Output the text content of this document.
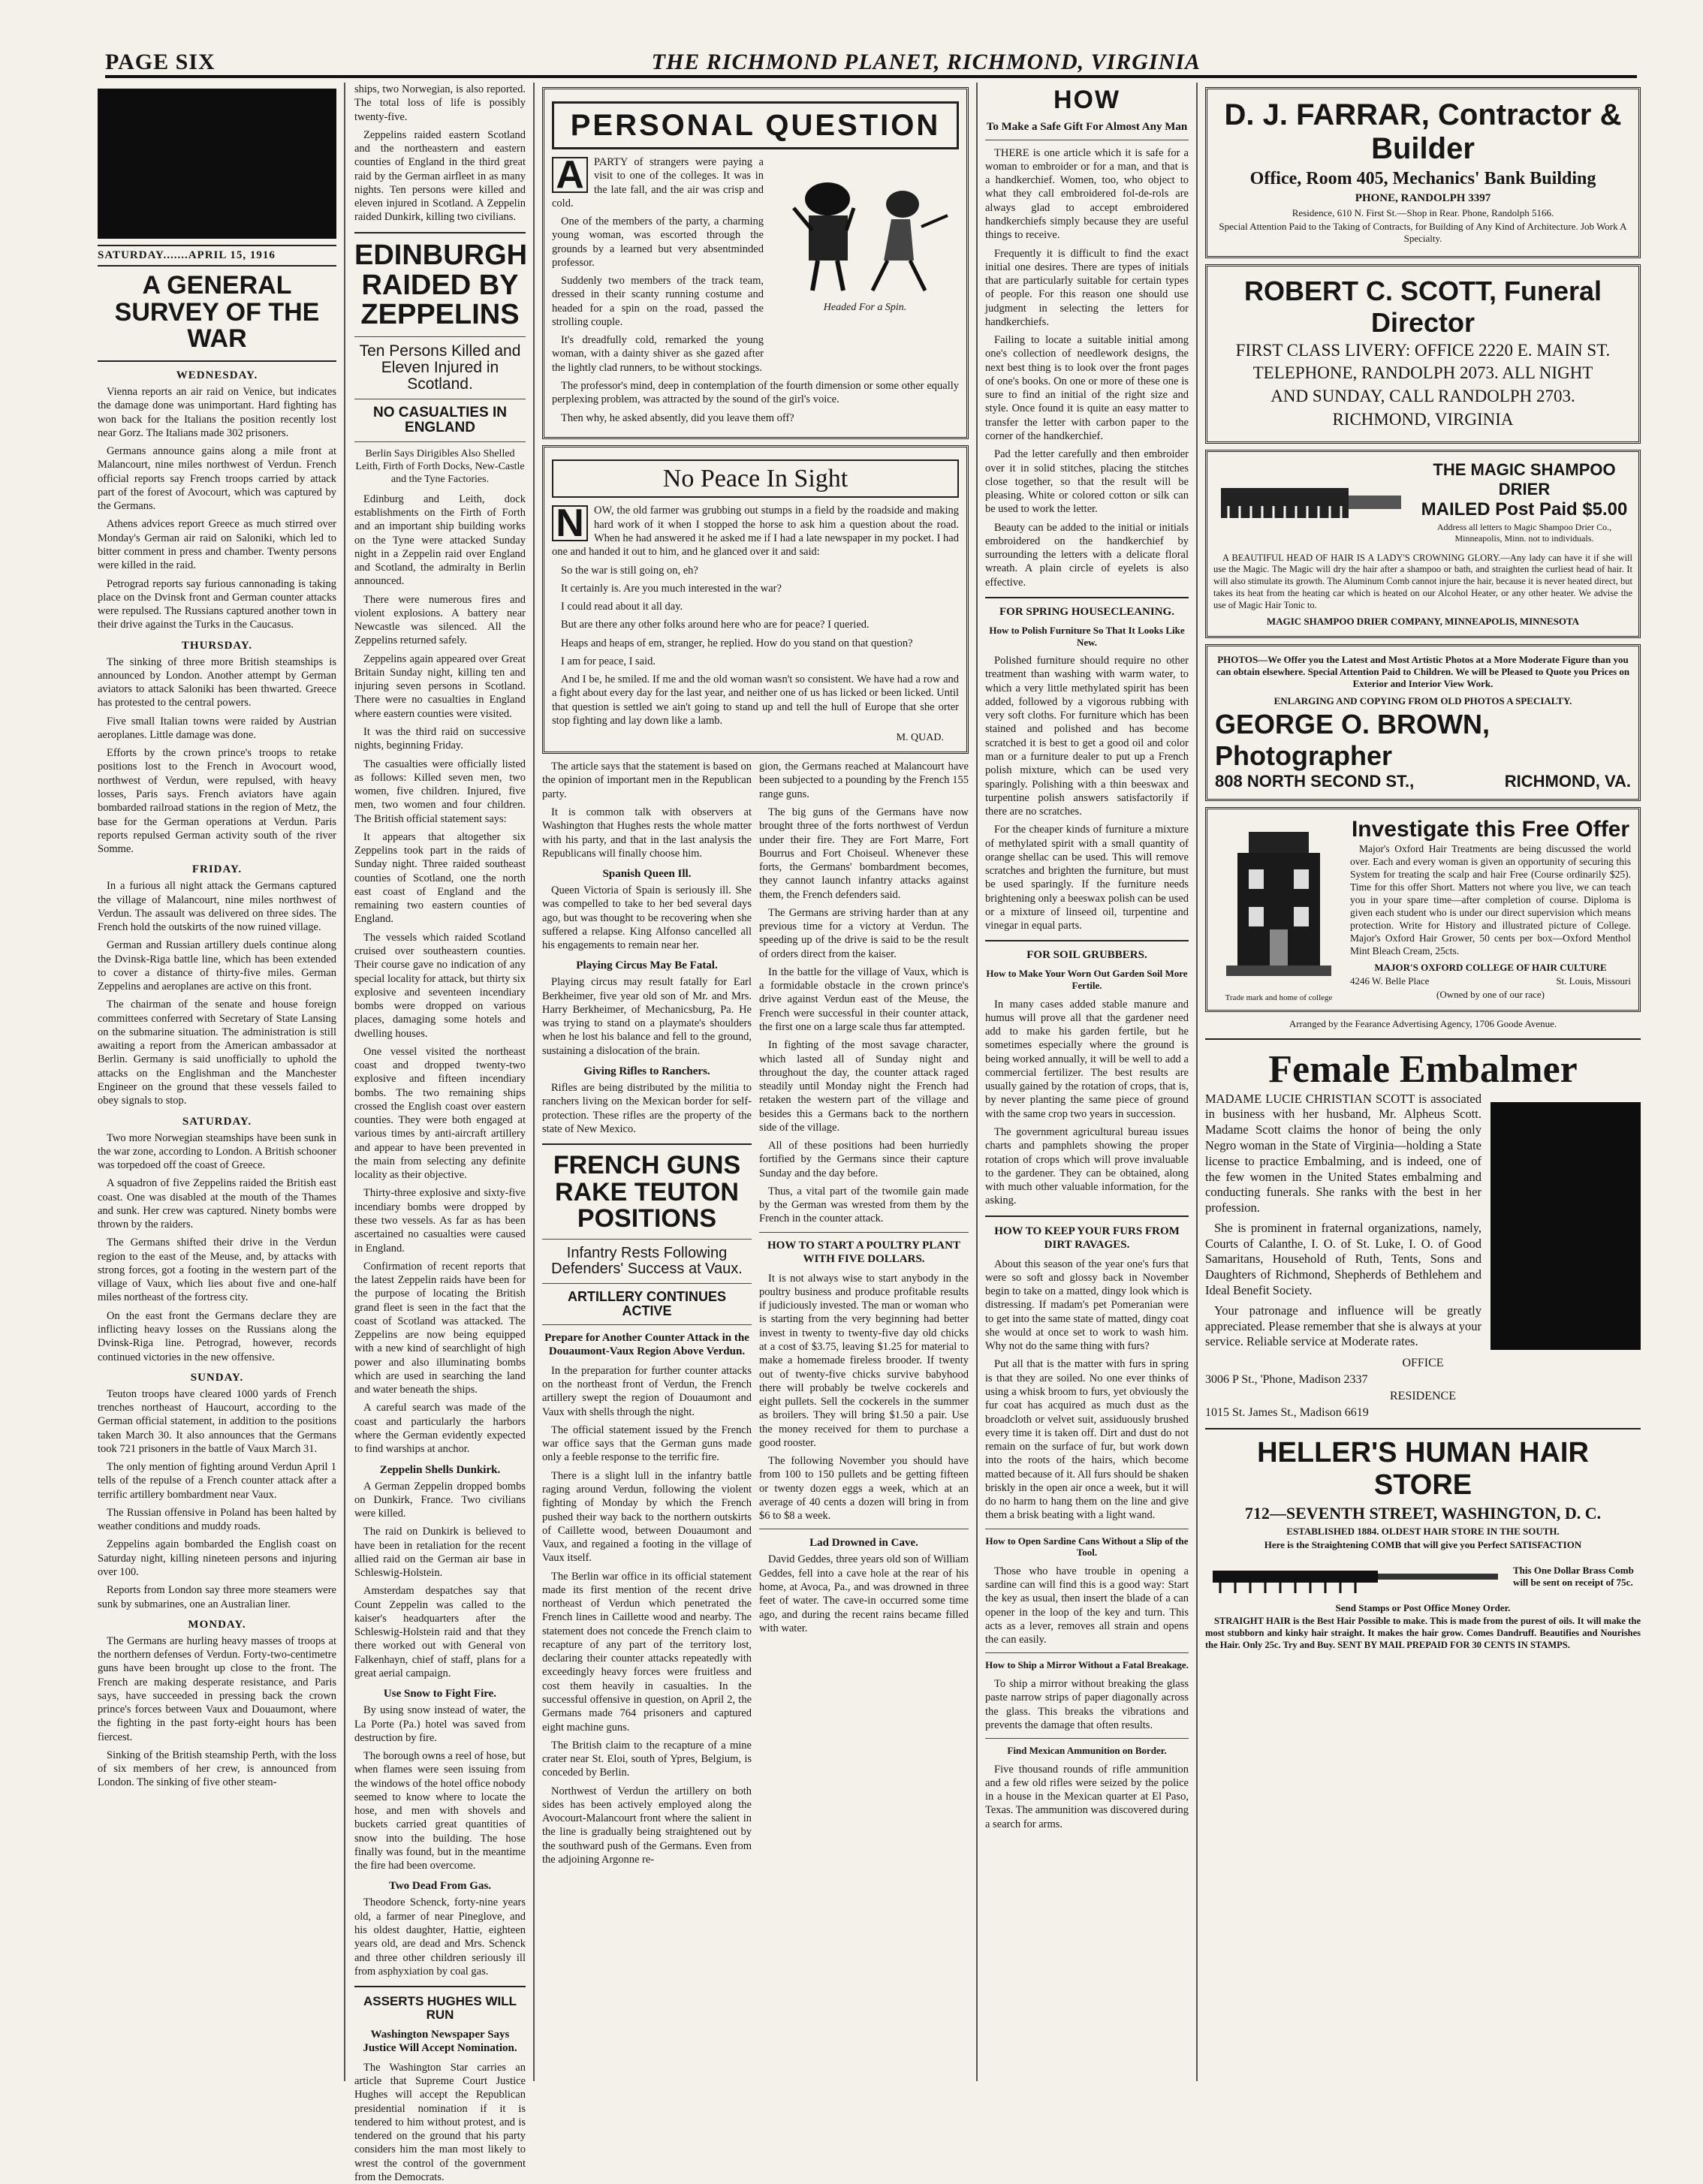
PAGE SIX	THE RICHMOND PLANET, RICHMOND, VIRGINIA
SATURDAY.......APRIL 15, 1916
A GENERAL SURVEY OF THE WAR
WEDNESDAY.

Vienna reports an air raid on Venice, but indicates the damage done was unimportant. Hard fighting has won back for the Italians the position recently lost near Gorz. The Italians made 302 prisoners.

Germans announce gains along a mile front at Malancourt, nine miles northwest of Verdun. French official reports say French troops carried by attack part of the forest of Avocourt, which was captured by the Germans.

Athens advices report Greece as much stirred over Monday's German air raid on Saloniki, which led to bitter comment in press and chamber. Twenty persons were killed in the raid.

Petrograd reports say furious cannonading is taking place on the Dvinsk front and German counter attacks were repulsed. The Russians captured another town in their drive against the Turks in the Caucasus.

THURSDAY.

The sinking of three more British steamships is announced by London. Another attempt by German aviators to attack Saloniki has been thwarted. Greece has protested to the central powers.

Five small Italian towns were raided by Austrian aeroplanes. Little damage was done.

Efforts by the crown prince's troops to retake positions lost to the French in Avocourt wood, northwest of Verdun, were repulsed, with heavy losses, Paris says. French aviators have again bombarded railroad stations in the region of Metz, the base for the German operations at Verdun. Paris reports repulsed German activity south of the river Somme.

FRIDAY.

In a furious all night attack the Germans captured the village of Malancourt, nine miles northwest of Verdun. The assault was delivered on three sides. The French hold the outskirts of the now ruined village.

German and Russian artillery duels continue along the Dvinsk-Riga battle line, which has been extended to cover a distance of thirty-five miles. German Zeppelins and aeroplanes are active on this front.

The chairman of the senate and house foreign committees conferred with Secretary of State Lansing on the submarine situation. The administration is still awaiting a report from the American ambassador at Berlin. Germany is said unofficially to uphold the attacks on the Englishman and the Manchester Engineer on the ground that these vessels failed to obey signals to stop.

SATURDAY.

Two more Norwegian steamships have been sunk in the war zone, according to London. A British schooner was torpedoed off the coast of Greece.

A squadron of five Zeppelins raided the British east coast. One was disabled at the mouth of the Thames and sunk. Her crew was captured. Ninety bombs were thrown by the raiders.

The Germans shifted their drive in the Verdun region to the east of the Meuse, and, by attacks with strong forces, got a footing in the western part of the village of Vaux, which lies about five and one-half miles northeast of the fortress city.

On the east front the Germans declare they are inflicting heavy losses on the Russians along the Dvinsk-Riga line. Petrograd, however, records continued victories in the new offensive.

SUNDAY.

Teuton troops have cleared 1000 yards of French trenches northeast of Haucourt, according to the German official statement, in addition to the positions taken March 30. It also announces that the Germans took 721 prisoners in the battle of Vaux March 31.

The only mention of fighting around Verdun April 1 tells of the repulse of a French counter attack after a terrific artillery bombardment near Vaux.

The Russian offensive in Poland has been halted by weather conditions and muddy roads.

Zeppelins again bombarded the English coast on Saturday night, killing nineteen persons and injuring over 100.

Reports from London say three more steamers were sunk by submarines, one an Australian liner.

MONDAY.

The Germans are hurling heavy masses of troops at the northern defenses of Verdun. Forty-two-centimetre guns have been brought up close to the front. The French are making desperate resistance, and Paris says, have succeeded in pressing back the crown prince's forces between Vaux and Douaumont, where the fighting in the past forty-eight hours has been fiercest.

Sinking of the British steamship Perth, with the loss of six members of her crew, is announced from London. The sinking of five other steam-

ships, two Norwegian, is also reported. The total loss of life is possibly twenty-five.

Zeppelins raided eastern Scotland and the northeastern and eastern counties of England in the third great raid by the German airfleet in as many nights. Ten persons were killed and eleven injured in Scotland. A Zeppelin raided Dunkirk, killing two civilians.

EDINBURGH RAIDED BY ZEPPELINS
Ten Persons Killed and Eleven Injured in Scotland.
NO CASUALTIES IN ENGLAND
Berlin Says Dirigibles Also Shelled Leith, Firth of Forth Docks, New-Castle and the Tyne Factories.

Edinburg and Leith, dock establishments on the Firth of Forth and an important ship building works on the Tyne were attacked Sunday night in a Zeppelin raid over England and Scotland, the admiralty in Berlin announced.

There were numerous fires and violent explosions. A battery near Newcastle was silenced. All the Zeppelins returned safely.

Zeppelins again appeared over Great Britain Sunday night, killing ten and injuring seven persons in Scotland. There were no casualties in England where eastern counties were visited.

It was the third raid on successive nights, beginning Friday.

The casualties were officially listed as follows: Killed seven men, two women, five children. Injured, five men, two women and four children. The British official statement says:

It appears that altogether six Zeppelins took part in the raids of Sunday night. Three raided southeast counties of Scotland, one the north east coast of England and the remaining two eastern counties of England.

The vessels which raided Scotland cruised over southeastern counties. Their course gave no indication of any special locality for attack, but thirty six explosive and seventeen incendiary bombs were dropped on various places, damaging some hotels and dwelling houses.

One vessel visited the northeast coast and dropped twenty-two explosive and fifteen incendiary bombs. The two remaining ships crossed the English coast over eastern counties. They were both engaged at various times by anti-aircraft artillery and appear to have been prevented in the main from selecting any definite locality as their objective.

Thirty-three explosive and sixty-five incendiary bombs were dropped by these two vessels. As far as has been ascertained no casualties were caused in England.

Confirmation of recent reports that the latest Zeppelin raids have been for the purpose of locating the British grand fleet is seen in the fact that the coast of Scotland was attacked. The Zeppelins are now being equipped with a new kind of searchlight of high power and also illuminating bombs which are used in searching the land and water beneath the ships.

A careful search was made of the coast and particularly the harbors where the German evidently expected to find warships at anchor.

Zeppelin Shells Dunkirk.

A German Zeppelin dropped bombs on Dunkirk, France. Two civilians were killed.

The raid on Dunkirk is believed to have been in retaliation for the recent allied raid on the German air base in Schleswig-Holstein.

Amsterdam despatches say that Count Zeppelin was called to the kaiser's headquarters after the Schleswig-Holstein raid and that they there worked out with General von Falkenhayn, chief of staff, plans for a great aerial campaign.

Use Snow to Fight Fire.

By using snow instead of water, the La Porte (Pa.) hotel was saved from destruction by fire.

The borough owns a reel of hose, but when flames were seen issuing from the windows of the hotel office nobody seemed to know where to locate the hose, and men with shovels and buckets carried great quantities of snow into the building. The hose finally was found, but in the meantime the fire had been overcome.

Two Dead From Gas.

Theodore Schenck, forty-nine years old, a farmer of near Pineglove, and his oldest daughter, Hattie, eighteen years old, are dead and Mrs. Schenck and three other children seriously ill from asphyxiation by coal gas.

ASSERTS HUGHES WILL RUN
Washington Newspaper Says Justice Will Accept Nomination.

The Washington Star carries an article that Supreme Court Justice Hughes will accept the Republican presidential nomination if it is tendered to him without protest, and is tendered on the ground that his party considers him the man most likely to wrest the control of the government from the Democrats.

PERSONAL QUESTION

A PARTY of strangers were paying a visit to one of the colleges. It was in the late fall, and the air was crisp and cold.

One of the members of the party, a charming young woman, was escorted through the grounds by a learned but very absentminded professor.

Suddenly two members of the track team, dressed in their scanty running costume and headed for a spin on the road, passed the strolling couple.

It's dreadfully cold, remarked the young woman, with a dainty shiver as she gazed after the lightly clad runners, to be without stockings.

Headed For a Spin.

The professor's mind, deep in contemplation of the fourth dimension or some other equally perplexing problem, was attracted by the sound of the girl's voice.

Then why, he asked absently, did you leave them off?

No Peace In Sight

N OW, the old farmer was grubbing out stumps in a field by the roadside and making hard work of it when I stopped the horse to ask him a question about the road. When he had answered it he asked me if I had a late newspaper in my pocket. I had one and handed it out to him, and he glanced over it and said:

So the war is still going on, eh?

It certainly is. Are you much interested in the war?

I could read about it all day.

But are there any other folks around here who are for peace? I queried.

Heaps and heaps of em, stranger, he replied. How do you stand on that question?

I am for peace, I said.

And I be, he smiled. If me and the old woman wasn't so consistent. We have had a row and a fight about every day for the last year, and neither one of us has licked or been licked. Until that question is settled we ain't going to stand up and tell the hull of Europe that she orter stop fighting and lay down like a lamb.

M. QUAD.

The article says that the statement is based on the opinion of important men in the Republican party.

It is common talk with observers at Washington that Hughes rests the whole matter with his party, and that in the last analysis the Republicans will finally choose him.

Spanish Queen Ill.

Queen Victoria of Spain is seriously ill. She was compelled to take to her bed several days ago, but was thought to be recovering when she suffered a relapse. King Alfonso cancelled all his engagements to remain near her.

Playing Circus May Be Fatal.

Playing circus may result fatally for Earl Berkheimer, five year old son of Mr. and Mrs. Harry Berkheimer, of Mechanicsburg, Pa. He was trying to stand on a playmate's shoulders when he lost his balance and fell to the ground, sustaining a dislocation of the brain.

Giving Rifles to Ranchers.

Rifles are being distributed by the militia to ranchers living on the Mexican border for self-protection. These rifles are the property of the state of New Mexico.

FRENCH GUNS RAKE TEUTON POSITIONS
Infantry Rests Following Defenders' Success at Vaux.
ARTILLERY CONTINUES ACTIVE
Prepare for Another Counter Attack in the Douaumont-Vaux Region Above Verdun.

In the preparation for further counter attacks on the northeast front of Verdun, the French artillery swept the region of Douaumont and Vaux with shells through the night.

The official statement issued by the French war office says that the German guns made only a feeble response to the terrific fire.

There is a slight lull in the infantry battle raging around Verdun, following the violent fighting of Monday by which the French pushed their way back to the northern outskirts of Caillette wood, between Douaumont and Vaux, and regained a footing in the village of Vaux itself.

The Berlin war office in its official statement made its first mention of the recent drive northeast of Verdun which penetrated the French lines in Caillette wood and nearby. The statement does not concede the French claim to recapture of any part of the territory lost, declaring their counter attacks repeatedly with exceedingly heavy forces were fruitless and cost them heavily in casualties. In the successful offensive in question, on April 2, the Germans made 764 prisoners and captured eight machine guns.

The British claim to the recapture of a mine crater near St. Eloi, south of Ypres, Belgium, is conceded by Berlin.

Northwest of Verdun the artillery on both sides has been actively employed along the Avocourt-Malancourt front where the salient in the line is gradually being straightened out by the southward push of the Germans. Even from the adjoining Argonne re-

gion, the Germans reached at Malancourt have been subjected to a pounding by the French 155 range guns.

The big guns of the Germans have now brought three of the forts northwest of Verdun under their fire. They are Fort Marre, Fort Bourrus and Fort Choiseul. Whenever these forts, the Germans' bombardment becomes, they cannot launch infantry attacks against them, the French defenders said.

The Germans are striving harder than at any previous time for a victory at Verdun. The speeding up of the drive is said to be the result of orders direct from the kaiser.

In the battle for the village of Vaux, which is a formidable obstacle in the crown prince's drive against Verdun east of the Meuse, the French were successful in their counter attack, the first one on a large scale thus far attempted.

In fighting of the most savage character, which lasted all of Sunday night and throughout the day, the counter attack raged steadily until Monday night the French had retaken the western part of the village and besides this a Germans back to the northern side of the village.

All of these positions had been hurriedly fortified by the Germans since their capture Sunday and the day before.

Thus, a vital part of the twomile gain made by the German was wrested from them by the French in the counter attack.

HOW TO START A POULTRY PLANT WITH FIVE DOLLARS.

It is not always wise to start anybody in the poultry business and produce profitable results if judiciously invested. The man or woman who is starting from the very beginning had better invest in twenty to twenty-five day old chicks at a cost of $3.75, leaving $1.25 for material to make a homemade fireless brooder. If twenty out of twenty-five chicks survive babyhood there will probably be twelve cockerels and eight pullets. Sell the cockerels in the summer as broilers. They will bring $1.50 a pair. Use the money received for them to purchase a good rooster.

The following November you should have from 100 to 150 pullets and be getting fifteen or twenty dozen eggs a week, which at an average of 40 cents a dozen will bring in from $6 to $8 a week.

Lad Drowned in Cave.

David Geddes, three years old son of William Geddes, fell into a cave hole at the rear of his home, at Avoca, Pa., and was drowned in three feet of water. The cave-in occurred some time ago, and during the recent rains became filled with water.

HOW
To Make a Safe Gift For Almost Any Man

THERE is one article which it is safe for a woman to embroider or for a man, and that is a handkerchief. Women, too, who object to what they call embroidered fol-de-rols are always glad to accept embroidered handkerchiefs simply because they are useful things to receive.

Frequently it is difficult to find the exact initial one desires. There are types of initials that are particularly suitable for certain types of people. For this reason one should use judgment in selecting the letters for handkerchiefs.

Failing to locate a suitable initial among one's collection of needlework designs, the next best thing is to look over the front pages of one's books. On one or more of these one is sure to find an initial of the right size and style. Once found it is quite an easy matter to transfer the letter with carbon paper to the corner of the handkerchief.

Pad the letter carefully and then embroider over it in solid stitches, placing the stitches close together, so that the result will be pleasing. White or colored cotton or silk can be used to work the letter.

Beauty can be added to the initial or initials embroidered on the handkerchief by surrounding the letters with a delicate floral wreath. A plain circle of eyelets is also effective.

FOR SPRING HOUSECLEANING.
How to Polish Furniture So That It Looks Like New.

Polished furniture should require no other treatment than washing with warm water, to which a very little methylated spirit has been added, followed by a vigorous rubbing with very soft cloths. For furniture which has been stained and polished and has become scratched it is best to get a good oil and color man or a furniture dealer to put up a French polish mixture, which can be used very sparingly. Polishing with a thin beeswax and turpentine polish answers satisfactorily if there are no scratches.

For the cheaper kinds of furniture a mixture of methylated spirit with a small quantity of orange shellac can be used. This will remove scratches and brighten the furniture, but must be used sparingly. If the furniture needs brightening only a beeswax polish can be used or a mixture of linseed oil, turpentine and vinegar in equal parts.

FOR SOIL GRUBBERS.
How to Make Your Worn Out Garden Soil More Fertile.

In many cases added stable manure and humus will prove all that the gardener need add to make his garden fertile, but he sometimes especially where the ground is being worked annually, it will be well to add a commercial fertilizer. The best results are usually gained by the rotation of crops, that is, by never planting the same piece of ground with the same crop two years in succession.

The government agricultural bureau issues charts and pamphlets showing the proper rotation of crops which will prove invaluable to the gardener. They can be obtained, along with much other valuable information, for the asking.

HOW TO KEEP YOUR FURS FROM DIRT RAVAGES.

About this season of the year one's furs that were so soft and glossy back in November begin to take on a matted, dingy look which is distressing. If madam's pet Pomeranian were to get into the same state of matted, dingy coat she would at once set to work to wash him. Why not do the same thing with furs?

Put all that is the matter with furs in spring is that they are soiled. No one ever thinks of using a whisk broom to furs, yet obviously the fur coat has acquired as much dust as the broadcloth or velvet suit, assiduously brushed every time it is taken off. Dirt and dust do not remain on the surface of fur, but work down into the roots of the hairs, which become matted because of it. All furs should be shaken briskly in the open air once a week, but it will do no harm to hang them on the line and give them a brisk beating with a light wand.

How to Open Sardine Cans Without a Slip of the Tool.

Those who have trouble in opening a sardine can will find this is a good way: Start the key as usual, then insert the blade of a can opener in the loop of the key and turn. This acts as a lever, removes all strain and opens the can easily.

How to Ship a Mirror Without a Fatal Breakage.

To ship a mirror without breaking the glass paste narrow strips of paper diagonally across the glass. This breaks the vibrations and prevents the damage that often results.

Find Mexican Ammunition on Border.

Five thousand rounds of rifle ammunition and a few old rifles were seized by the police in a house in the Mexican quarter at El Paso, Texas. The ammunition was discovered during a search for arms.

D. J. FARRAR, Contractor & Builder
Office, Room 405, Mechanics' Bank Building
PHONE, RANDOLPH 3397
Residence, 610 N. First St.—Shop in Rear. Phone, Randolph 5166.
Special Attention Paid to the Taking of Contracts, for Building of Any Kind of Architecture. Job Work A Specialty.
ROBERT C. SCOTT, Funeral Director
FIRST CLASS LIVERY: OFFICE 2220 E. MAIN ST.
TELEPHONE, RANDOLPH 2073. ALL NIGHT
AND SUNDAY, CALL RANDOLPH 2703.
RICHMOND, VIRGINIA
THE MAGIC SHAMPOO DRIER
MAILED Post Paid $5.00
Address all letters to Magic Shampoo Drier Co., Minneapolis, Minn. not to individuals.

A BEAUTIFUL HEAD OF HAIR IS A LADY'S CROWNING GLORY.—Any lady can have it if she will use the Magic. The Magic will dry the hair after a shampoo or bath, and straighten the curliest head of hair. It will also stimulate its growth. The Aluminum Comb cannot injure the hair, because it is never heated direct, but takes its heat from the heating car which is heated on our Alcohol Heater, or any other heater. We advise the use of Magic Hair Tonic to.

MAGIC SHAMPOO DRIER COMPANY, MINNEAPOLIS, MINNESOTA

PHOTOS—We Offer you the Latest and Most Artistic Photos at a More Moderate Figure than you can obtain elsewhere. Special Attention Paid to Children. We will be Pleased to Quote you Prices on Exterior and Interior View Work.

ENLARGING AND COPYING FROM OLD PHOTOS A SPECIALTY.
GEORGE O. BROWN, Photographer
808 NORTH SECOND ST.,	RICHMOND, VA.
Trade mark and home of college
Investigate this Free Offer

Major's Oxford Hair Treatments are being discussed the world over. Each and every woman is given an opportunity of securing this System for treating the scalp and hair Free (Course ordinarily $25). Time for this offer Short. Matters not where you live, we can teach you in your spare time—after completion of course. Diploma is given each student who is under our direct supervision which means protection. Write for History and illustrated picture of College. Major's Oxford Hair Grower, 50 cents per box—Oxford Menthol Mint Bleach Cream, 25cts.

MAJOR'S OXFORD COLLEGE OF HAIR CULTURE
4246 W. Belle Place	St. Louis, Missouri
(Owned by one of our race)
Arranged by the Fearance Advertising Agency, 1706 Goode Avenue.
Female Embalmer

MADAME LUCIE CHRISTIAN SCOTT is associated in business with her husband, Mr. Alpheus Scott. Madame Scott claims the honor of being the only Negro woman in the State of Virginia—holding a State license to practice Embalming, and is indeed, one of the few women in the United States embalming and conducting funerals. She ranks with the best in her profession.

She is prominent in fraternal organizations, namely, Courts of Calanthe, I. O. of St. Luke, I. O. of Good Samaritans, Household of Ruth, Tents, Sons and Daughters of Richmond, Shepherds of Bethlehem and Ideal Benefit Society.

Your patronage and influence will be greatly appreciated. Please remember that she is always at your service. Reliable service at Moderate rates.

OFFICE
3006 P St., 'Phone, Madison 2337
RESIDENCE
1015 St. James St., Madison 6619
HELLER'S HUMAN HAIR STORE
712—SEVENTH STREET, WASHINGTON, D. C.
ESTABLISHED 1884. OLDEST HAIR STORE IN THE SOUTH.
Here is the Straightening COMB that will give you Perfect SATISFACTION
This One Dollar Brass Comb will be sent on receipt of 75c.
Send Stamps or Post Office Money Order.

STRAIGHT HAIR is the Best Hair Possible to make. This is made from the purest of oils. It will make the most stubborn and kinky hair straight. It makes the hair grow. Comes Dandruff. Beautifies and Nourishes the Hair. Only 25c. Try and Buy. SENT BY MAIL PREPAID FOR 30 CENTS IN STAMPS.
